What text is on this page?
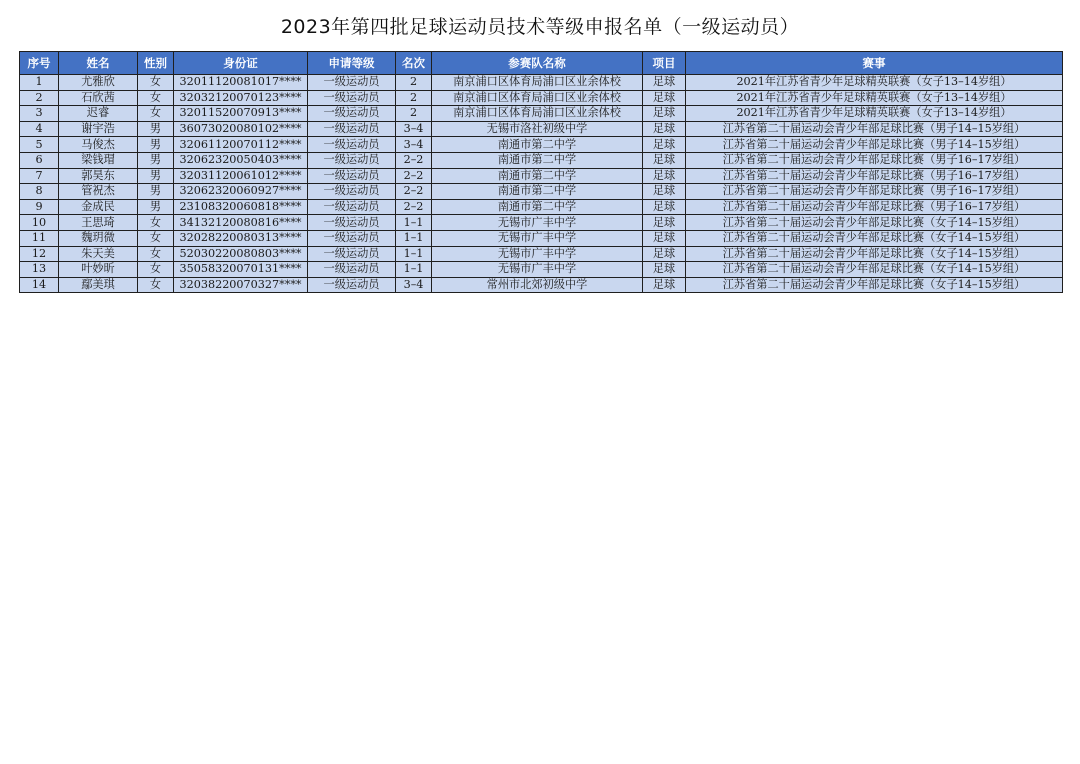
2023年第四批足球运动员技术等级申报名单（一级运动员）
序号	姓名	性别	身份证	申请等级	名次	参赛队名称	项目	赛事
1	尤雅欣	女	32011120081017****	一级运动员	2	南京浦口区体育局浦口区业余体校	足球	2021年江苏省青少年足球精英联赛（女子13–14岁组）
2	石欣茜	女	32032120070123****	一级运动员	2	南京浦口区体育局浦口区业余体校	足球	2021年江苏省青少年足球精英联赛（女子13–14岁组）
3	迟睿	女	32011520070913****	一级运动员	2	南京浦口区体育局浦口区业余体校	足球	2021年江苏省青少年足球精英联赛（女子13–14岁组）
4	谢宇浩	男	36073020080102****	一级运动员	3–4	无锡市洛社初级中学	足球	江苏省第二十届运动会青少年部足球比赛（男子14–15岁组）
5	马俊杰	男	32061120070112****	一级运动员	3–4	南通市第二中学	足球	江苏省第二十届运动会青少年部足球比赛（男子14–15岁组）
6	梁钱瑁	男	32062320050403****	一级运动员	2–2	南通市第二中学	足球	江苏省第二十届运动会青少年部足球比赛（男子16–17岁组）
7	郭昊东	男	32031120061012****	一级运动员	2–2	南通市第二中学	足球	江苏省第二十届运动会青少年部足球比赛（男子16–17岁组）
8	管祝杰	男	32062320060927****	一级运动员	2–2	南通市第二中学	足球	江苏省第二十届运动会青少年部足球比赛（男子16–17岁组）
9	金成民	男	23108320060818****	一级运动员	2–2	南通市第二中学	足球	江苏省第二十届运动会青少年部足球比赛（男子16–17岁组）
10	王思琦	女	34132120080816****	一级运动员	1–1	无锡市广丰中学	足球	江苏省第二十届运动会青少年部足球比赛（女子14–15岁组）
11	魏玥微	女	32028220080313****	一级运动员	1–1	无锡市广丰中学	足球	江苏省第二十届运动会青少年部足球比赛（女子14–15岁组）
12	朱天美	女	52030220080803****	一级运动员	1–1	无锡市广丰中学	足球	江苏省第二十届运动会青少年部足球比赛（女子14–15岁组）
13	叶妙昕	女	35058320070131****	一级运动员	1–1	无锡市广丰中学	足球	江苏省第二十届运动会青少年部足球比赛（女子14–15岁组）
14	鄢美琪	女	32038220070327****	一级运动员	3–4	常州市北郊初级中学	足球	江苏省第二十届运动会青少年部足球比赛（女子14–15岁组）
